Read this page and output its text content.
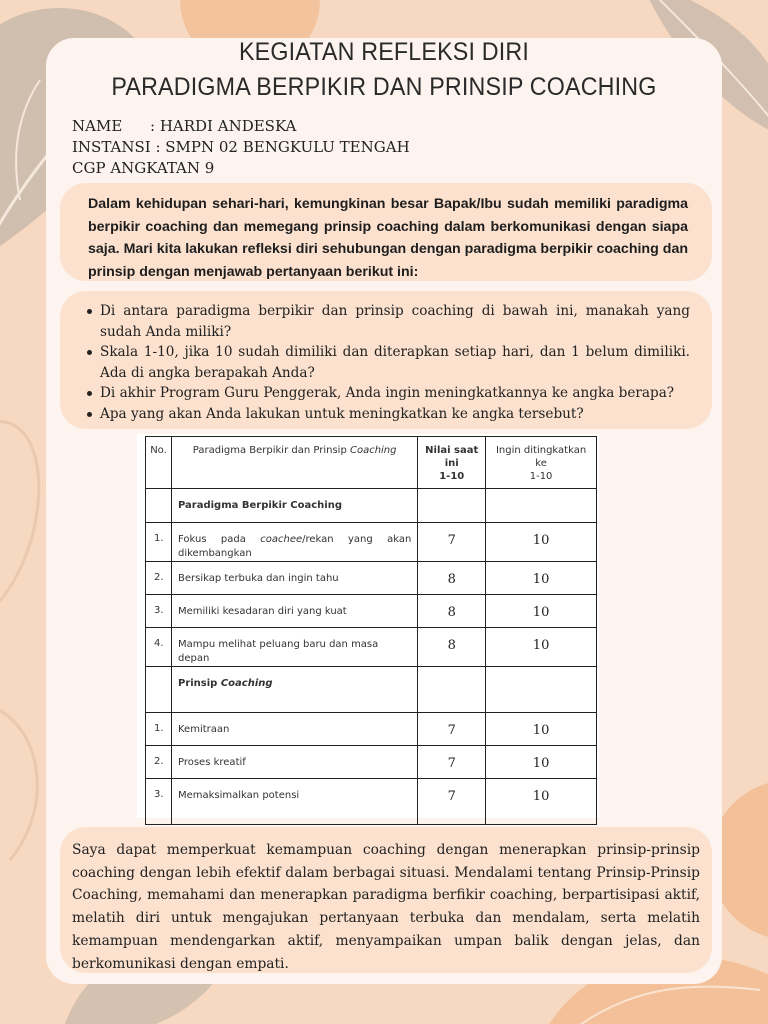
KEGIATAN REFLEKSI DIRI
PARADIGMA BERPIKIR DAN PRINSIP COACHING
NAME : HARDI ANDESKA
INSTANSI : SMPN 02 BENGKULU TENGAH
CGP ANGKATAN 9

Dalam kehidupan sehari-hari, kemungkinan besar Bapak/Ibu sudah memiliki paradigma berpikir coaching dan memegang prinsip coaching dalam berkomunikasi dengan siapa saja. Mari kita lakukan refleksi diri sehubungan dengan paradigma berpikir coaching dan prinsip dengan menjawab pertanyaan berikut ini:

Di antara paradigma berpikir dan prinsip coaching di bawah ini, manakah yang sudah Anda miliki?
Skala 1-10, jika 10 sudah dimiliki dan diterapkan setiap hari, dan 1 belum dimiliki. Ada di angka berapakah Anda?
Di akhir Program Guru Penggerak, Anda ingin meningkatkannya ke angka berapa?
Apa yang akan Anda lakukan untuk meningkatkan ke angka tersebut?
No.	Paradigma Berpikir dan Prinsip Coaching	Nilai saat
ini
1-10	Ingin ditingkatkan
ke
1-10
	Paradigma Berpikir Coaching		
1.	Fokus pada coachee/rekan yang akan dikembangkan	7	10
2.	Bersikap terbuka dan ingin tahu	8	10
3.	Memiliki kesadaran diri yang kuat	8	10
4.	Mampu melihat peluang baru dan masa depan	8	10
	Prinsip Coaching		
1.	Kemitraan	7	10
2.	Proses kreatif	7	10
3.	Memaksimalkan potensi	7	10

Saya dapat memperkuat kemampuan coaching dengan menerapkan prinsip-prinsip coaching dengan lebih efektif dalam berbagai situasi. Mendalami tentang Prinsip-Prinsip Coaching, memahami dan menerapkan paradigma berfikir coaching, berpartisipasi aktif, melatih diri untuk mengajukan pertanyaan terbuka dan mendalam, serta melatih kemampuan mendengarkan aktif, menyampaikan umpan balik dengan jelas, dan berkomunikasi dengan empati.
